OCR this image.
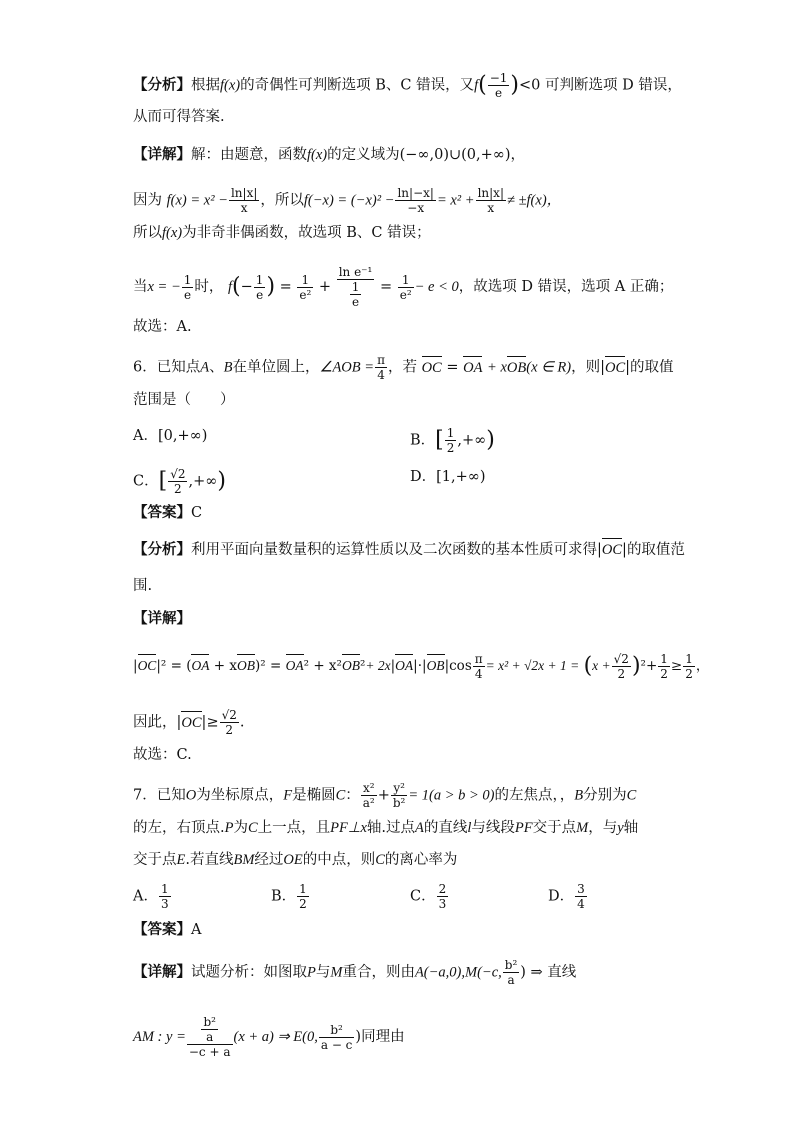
【分析】根据f(x)的奇偶性可判断选项 B、C 错误，又$f( \frac{-1}{e} )<0$ 可判断选项 D 错误，
从而可得答案.
【详解】解：由题意，函数f(x)的定义域为(−∞,0)∪(0,+∞)，
因为 $f(x) = x^2 - \frac{\ln|x|}{x}$ ，所以$f(-x) = (-x)^2 - \frac{\ln|-x|}{-x} = x^2 + \frac{\ln|x|}{x} \ne \pm f(x)$，
所以f(x)为非奇非偶函数，故选项 B、C 错误；
当x = − $\frac{1}{e}$ 时， $f(- \frac{1}{e}$ ) = $\frac{1}{\text{e²}} + \frac{\text{ln e⁻¹}}{\frac{1}{e}} = \frac{1}{\text{e²}} - e < 0$，故选项 D 错误，选项 A 正确；
故选：A.
6．已知点A、B在单位圆上，∠AOB = $\frac{\pi}{4}$ ，若 OC = OA + xOB(x ∈ R)，则|OC|的取值
范围是（　　）
A．[0,+∞)	B．[ $\frac{1}{2}$ ,+∞)
C．[ $\frac{√2}{2}$ ,+∞)	D．[1,+∞)
【答案】C
【分析】利用平面向量数量积的运算性质以及二次函数的基本性质可求得|OC|的取值范
围.
【详解】
$|OC|^2 = (OA + xOB)^2 = OA^2 + x^2OB^2+ 2x|OA|\cdot|OB|\cos \frac{\pi}{4} = x^2 + √2x + 1 = (x + \frac{√2}{2} )^2+ \frac{1}{2} \ge \frac{1}{2}$ ，
因此，$|OC|\ge \frac{√2}{2}$ .
故选：C.
7．已知O为坐标原点，F是椭圆C： $\frac{\text{x²}}{\text{a²}} + \frac{\text{y²}}{\text{b²}} = 1(a > b > 0)$的左焦点，，B分别为C
的左，右顶点.P为C上一点，且PF⊥x轴.过点A的直线l与线段PF交于点M，与y轴
交于点E.若直线BM经过OE的中点，则C的离心率为
A． $\frac{1}{3}$	B． $\frac{1}{2}$	C． $\frac{2}{3}$	D． $\frac{3}{4}$
【答案】A
【详解】试题分析：如图取P与M重合，则由A(−a,0),M(−c, $\frac{\text{b²}}{a}$ ) ⇒ 直线
AM : $y = \frac{\frac{\text{b²}}{a}}{-c + a} (x + a)$ ⇒ E(0, $\frac{\text{b²}}{a - c}$ )同理由
